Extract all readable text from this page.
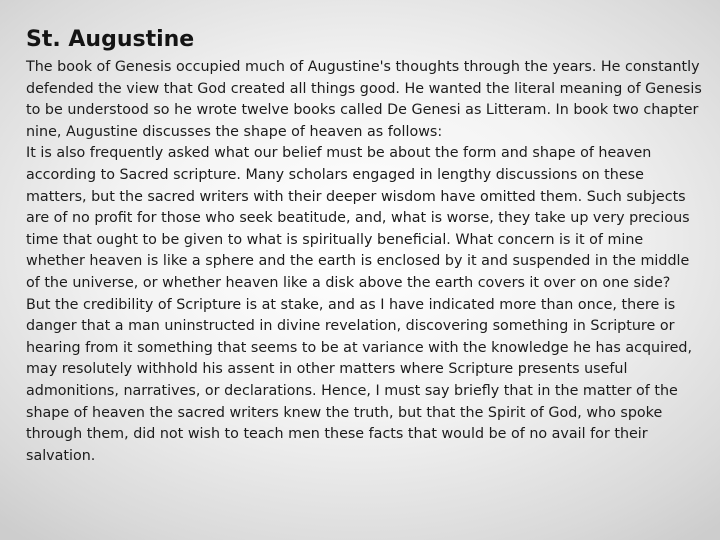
St. Augustine

The book of Genesis occupied much of Augustine's thoughts through the years. He constantly defended the view that God created all things good. He wanted the literal meaning of Genesis to be understood so he wrote twelve books called De Genesi as Litteram. In book two chapter nine, Augustine discusses the shape of heaven as follows:

It is also frequently asked what our belief must be about the form and shape of heaven according to Sacred scripture. Many scholars engaged in lengthy discussions on these matters, but the sacred writers with their deeper wisdom have omitted them. Such subjects are of no profit for those who seek beatitude, and, what is worse, they take up very precious time that ought to be given to what is spiritually beneficial. What concern is it of mine whether heaven is like a sphere and the earth is enclosed by it and suspended in the middle of the universe, or whether heaven like a disk above the earth covers it over on one side?

But the credibility of Scripture is at stake, and as I have indicated more than once, there is danger that a man uninstructed in divine revelation, discovering something in Scripture or hearing from it something that seems to be at variance with the knowledge he has acquired, may resolutely withhold his assent in other matters where Scripture presents useful admonitions, narratives, or declarations. Hence, I must say briefly that in the matter of the shape of heaven the sacred writers knew the truth, but that the Spirit of God, who spoke through them, did not wish to teach men these facts that would be of no avail for their salvation.
